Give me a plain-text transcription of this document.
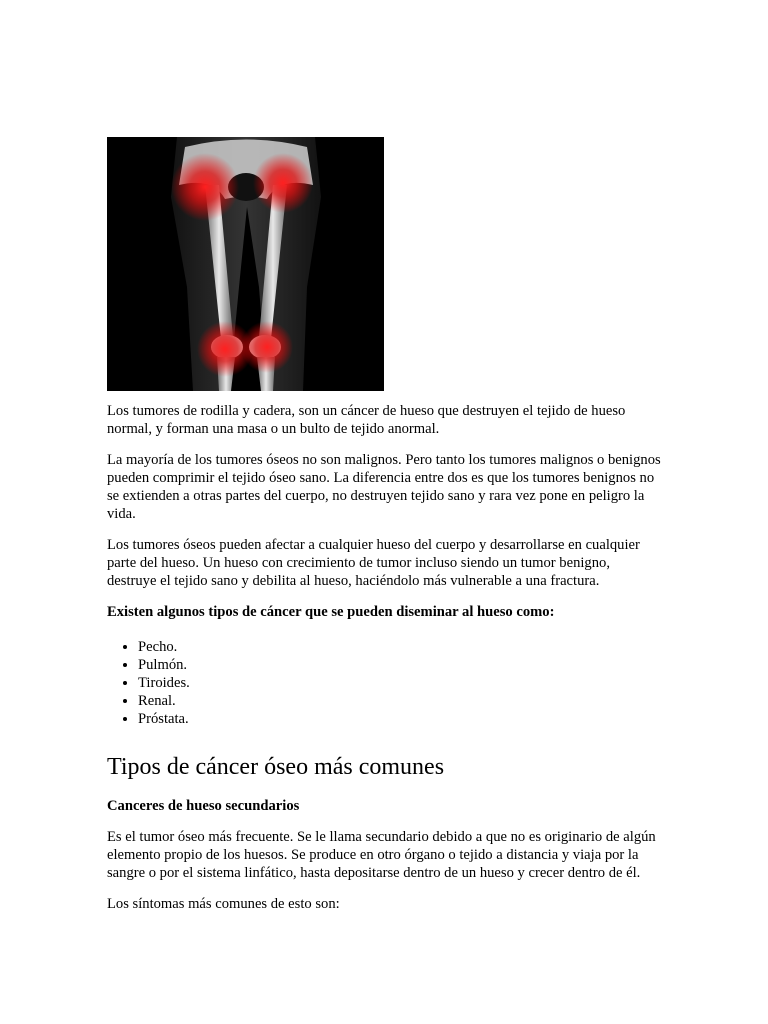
Los tumores de rodilla y cadera, son un cáncer de hueso que destruyen el tejido de hueso normal, y forman una masa o un bulto de tejido anormal.

La mayoría de los tumores óseos no son malignos. Pero tanto los tumores malignos o benignos pueden comprimir el tejido óseo sano. La diferencia entre dos es que los tumores benignos no se extienden a otras partes del cuerpo, no destruyen tejido sano y rara vez pone en peligro la vida.

Los tumores óseos pueden afectar a cualquier hueso del cuerpo y desarrollarse en cualquier parte del hueso. Un hueso con crecimiento de tumor incluso siendo un tumor benigno, destruye el tejido sano y debilita al hueso, haciéndolo más vulnerable a una fractura.

Existen algunos tipos de cáncer que se pueden diseminar al hueso como:

• Pecho.
• Pulmón.
• Tiroides.
• Renal.
• Próstata.
Tipos de cáncer óseo más comunes
Canceres de hueso secundarios

Es el tumor óseo más frecuente. Se le llama secundario debido a que no es originario de algún elemento propio de los huesos. Se produce en otro órgano o tejido a distancia y viaja por la sangre o por el sistema linfático, hasta depositarse dentro de un hueso y crecer dentro de él.

Los síntomas más comunes de esto son:
